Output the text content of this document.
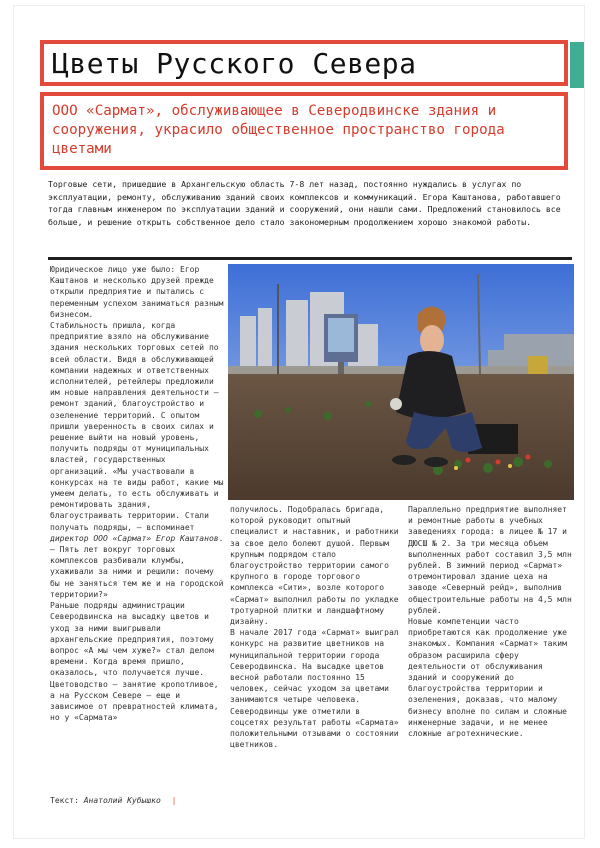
Цветы Русского Севера
ООО «Сармат», обслуживающее в Северодвинске здания и сооружения, украсило общественное пространство города цветами
Торговые сети, пришедшие в Архангельскую область 7-8 лет назад, постоянно нуждались в услугах по эксплуатации, ремонту, обслуживанию зданий своих комплексов и коммуникаций. Егора Каштанова, работавшего тогда главным инженером по эксплуатации зданий и сооружений, они нашли сами. Предложений становилось все больше, и решение открыть собственное дело стало закономерным продолжением хорошо знакомой работы.

Юридическое лицо уже было: Егор Каштанов и несколько друзей прежде открыли предприятие и пытались с переменным успехом заниматься разным бизнесом.

Стабильность пришла, когда предприятие взяло на обслуживание здания нескольких торговых сетей по всей области. Видя в обслуживающей компании надежных и ответственных исполнителей, ретейлеры предложили им новые направления деятельности – ремонт зданий, благоустройство и озеленение территорий. С опытом пришли уверенность в своих силах и решение выйти на новый уровень, получить подряды от муниципальных властей, государственных организаций. «Мы участвовали в конкурсах на те виды работ, какие мы умеем делать, то есть обслуживать и ремонтировать здания, благоустраивать территории. Стали получать подряды, – вспоминает директор ООО «Сармат» Егор Каштанов. – Пять лет вокруг торговых комплексов разбивали клумбы, ухаживали за ними и решили: почему бы не заняться тем же и на городской территории?»

Раньше подряды администрации Северодвинска на высадку цветов и уход за ними выигрывали архангельские предприятия, поэтому вопрос «А мы чем хуже?» стал делом времени. Когда время пришло, оказалось, что получается лучше. Цветоводство – занятие кропотливое, а на Русском Севере – еще и зависимое от превратностей климата, но у «Сармата»

получилось. Подобралась бригада, которой руководит опытный специалист и наставник, и работники за свое дело болеют душой. Первым крупным подрядом стало благоустройство территории самого крупного в городе торгового комплекса «Сити», возле которого «Сармат» выполнил работы по укладке тротуарной плитки и ландшафтному дизайну.

В начале 2017 года «Сармат» выиграл конкурс на развитие цветников на муниципальной территории города Северодвинска. На высадке цветов весной работали постоянно 15 человек, сейчас уходом за цветами занимаются четыре человека. Северодвинцы уже отметили в соцсетях результат работы «Сармата» положительными отзывами о состоянии цветников.

Параллельно предприятие выполняет и ремонтные работы в учебных заведениях города: в лицее № 17 и ДЮСШ № 2. За три месяца объем выполненных работ составил 3,5 млн рублей. В зимний период «Сармат» отремонтировал здание цеха на заводе «Северный рейд», выполнив общестроительные работы на 4,5 млн рублей.

Новые компетенции часто приобретаются как продолжение уже знакомых. Компания «Сармат» таким образом расширила сферу деятельности от обслуживания зданий и сооружений до благоустройства территории и озеленения, доказав, что малому бизнесу вполне по силам и сложные инженерные задачи, и не менее сложные агротехнические.

Текст: Анатолий Кубышко |
